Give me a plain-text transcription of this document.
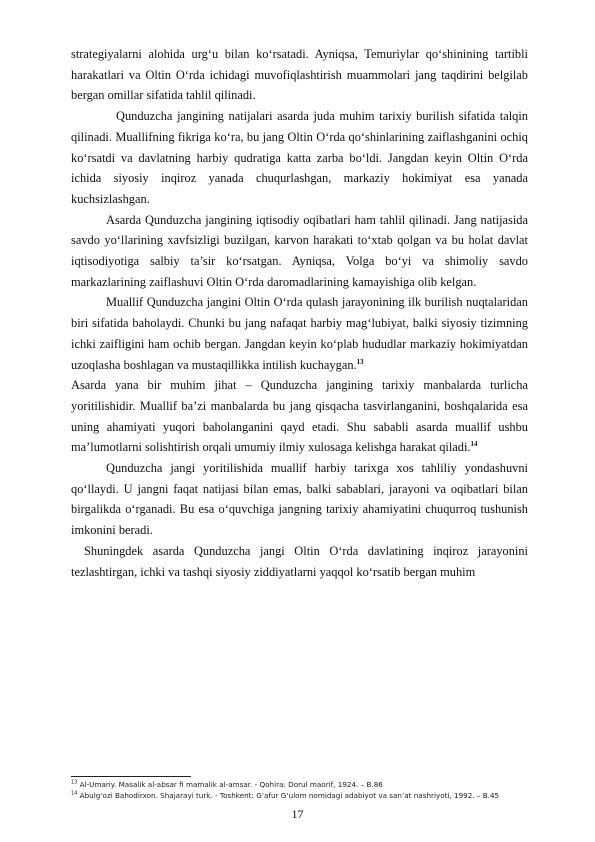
strategiyalarni alohida urg‘u bilan ko‘rsatadi. Ayniqsa, Temuriylar qo‘shinining tartibli harakatlari va Oltin O‘rda ichidagi muvofiqlashtirish muammolari jang taqdirini belgilab bergan omillar sifatida tahlil qilinadi.

Qunduzcha jangining natijalari asarda juda muhim tarixiy burilish sifatida talqin qilinadi. Muallifning fikriga ko‘ra, bu jang Oltin O‘rda qo‘shinlarining zaiflashganini ochiq ko‘rsatdi va davlatning harbiy qudratiga katta zarba bo‘ldi. Jangdan keyin Oltin O‘rda ichida siyosiy inqiroz yanada chuqurlashgan, markaziy hokimiyat esa yanada kuchsizlashgan.

Asarda Qunduzcha jangining iqtisodiy oqibatlari ham tahlil qilinadi. Jang natijasida savdo yo‘llarining xavfsizligi buzilgan, karvon harakati to‘xtab qolgan va bu holat davlat iqtisodiyotiga salbiy ta’sir ko‘rsatgan. Ayniqsa, Volga bo‘yi va shimoliy savdo markazlarining zaiflashuvi Oltin O‘rda daromadlarining kamayishiga olib kelgan.

Muallif Qunduzcha jangini Oltin O‘rda qulash jarayonining ilk burilish nuqtalaridan biri sifatida baholaydi. Chunki bu jang nafaqat harbiy mag‘lubiyat, balki siyosiy tizimning ichki zaifligini ham ochib bergan. Jangdan keyin ko‘plab hududlar markaziy hokimiyatdan uzoqlasha boshlagan va mustaqillikka intilish kuchaygan.$^{13}$

Asarda yana bir muhim jihat – Qunduzcha jangining tarixiy manbalarda turlicha yoritilishidir. Muallif ba’zi manbalarda bu jang qisqacha tasvirlanganini, boshqalarida esa uning ahamiyati yuqori baholanganini qayd etadi. Shu sababli asarda muallif ushbu ma’lumotlarni solishtirish orqali umumiy ilmiy xulosaga kelishga harakat qiladi.$^{14}$

Qunduzcha jangi yoritilishida muallif harbiy tarixga xos tahliliy yondashuvni qo‘llaydi. U jangni faqat natijasi bilan emas, balki sabablari, jarayoni va oqibatlari bilan birgalikda o‘rganadi. Bu esa o‘quvchiga jangning tarixiy ahamiyatini chuqurroq tushunish imkonini beradi.

Shuningdek asarda Qunduzcha jangi Oltin O‘rda davlatining inqiroz jarayonini tezlashtirgan, ichki va tashqi siyosiy ziddiyatlarni yaqqol ko‘rsatib bergan muhim

$^{13}$ Al-Umariy. Masalik al-absar fi mamalik al-amsar. - Qohira: Dorul maorif, 1924. – B.86
$^{14}$ Abulg‘ozi Bahodirxon. Shajarayi turk. - Toshkent: G‘afur G‘ulom nomidagi adabiyot va san’at nashriyoti, 1992. – B.45
17
